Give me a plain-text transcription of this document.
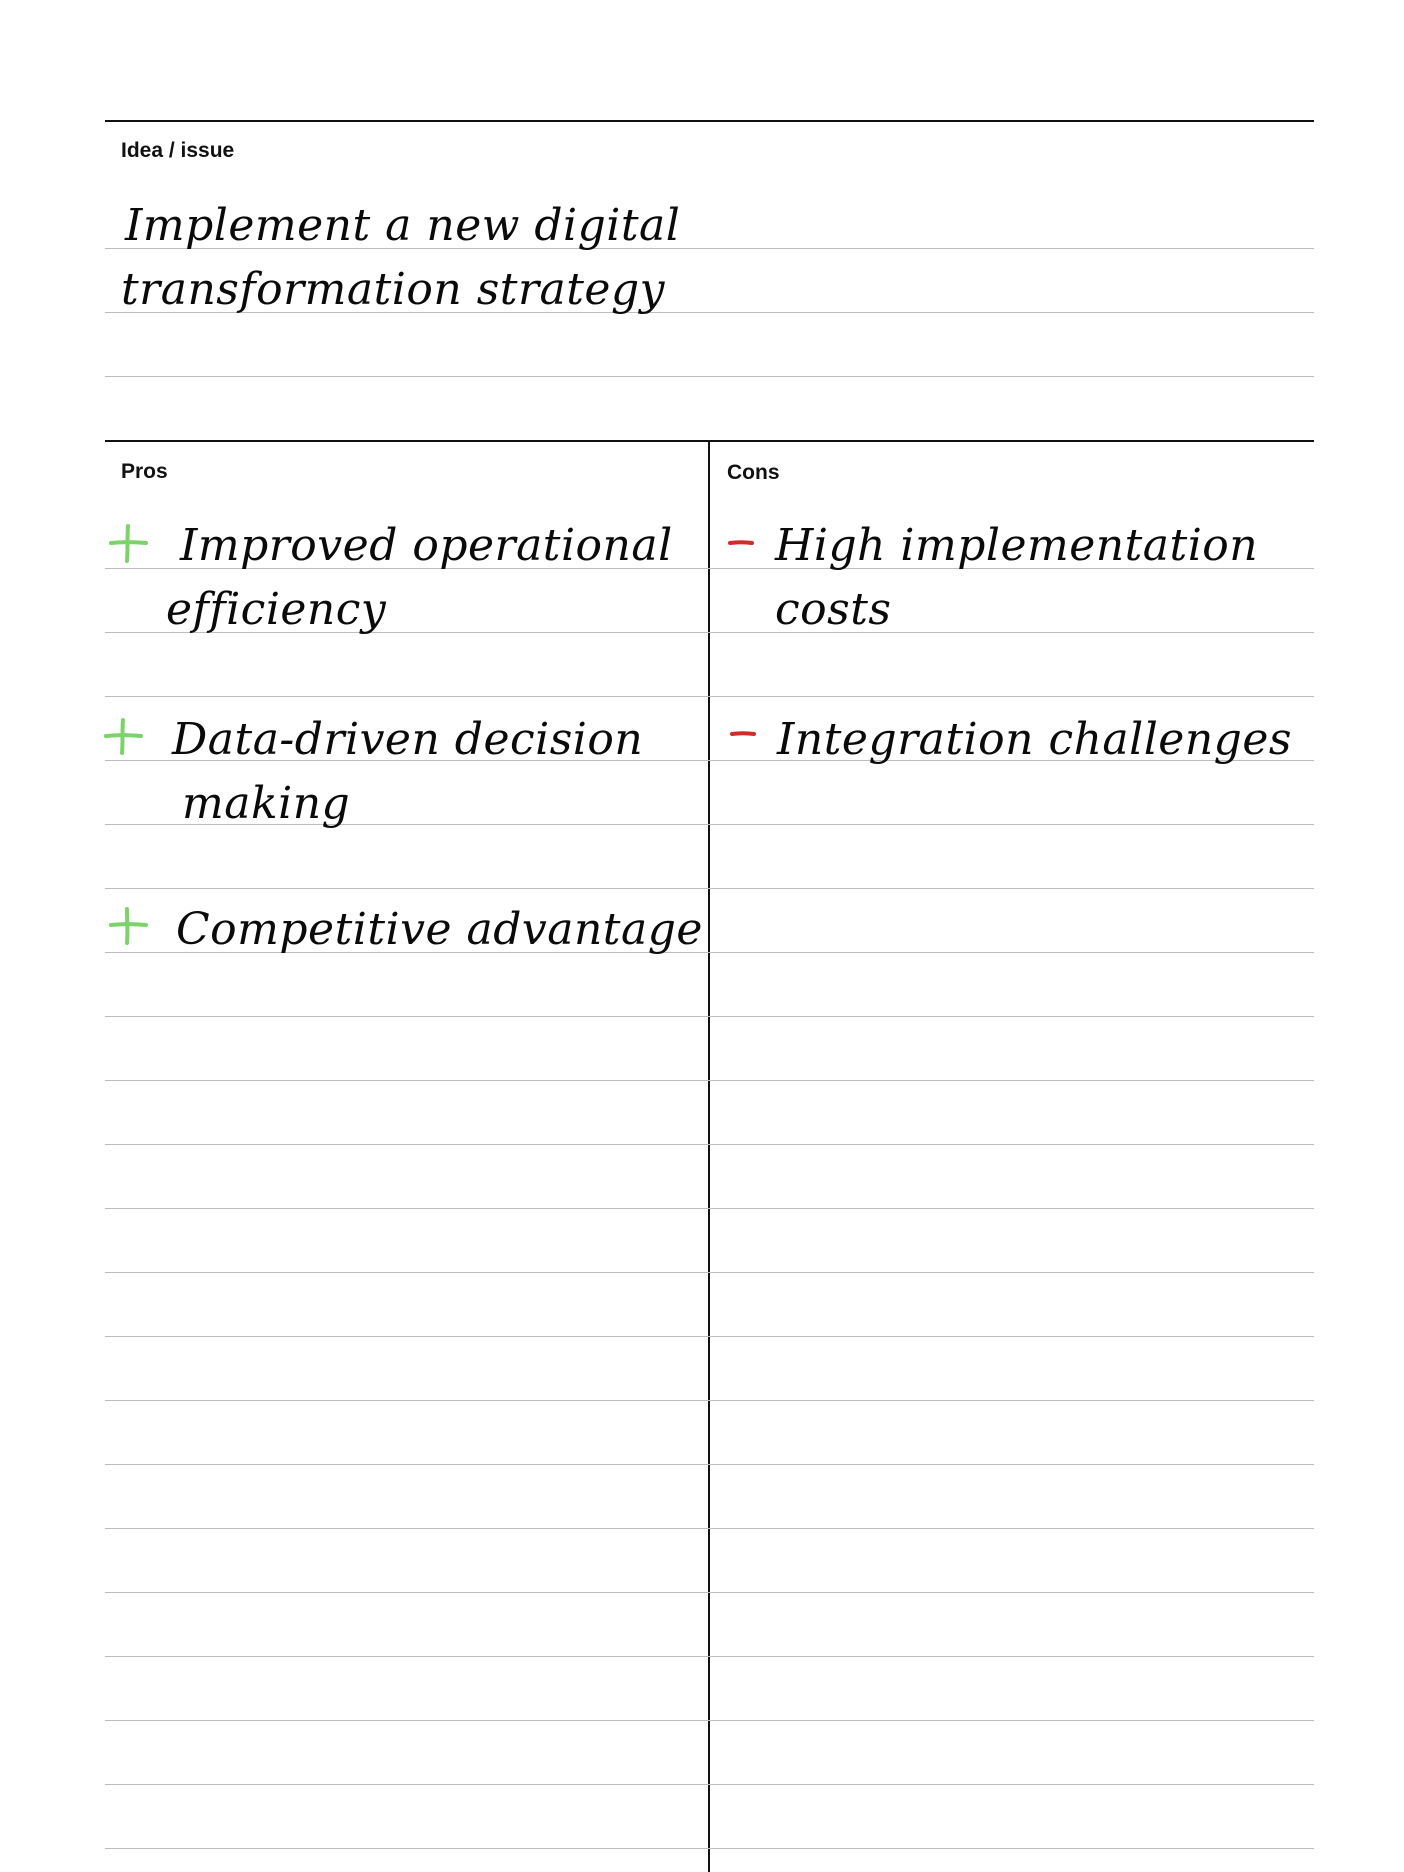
Idea / issue
Implement a new digital
transformation strategy
Pros	Cons
Improved operational
efficiency
Data-driven decision
making
Competitive advantage
High implementation
costs
Integration challenges
